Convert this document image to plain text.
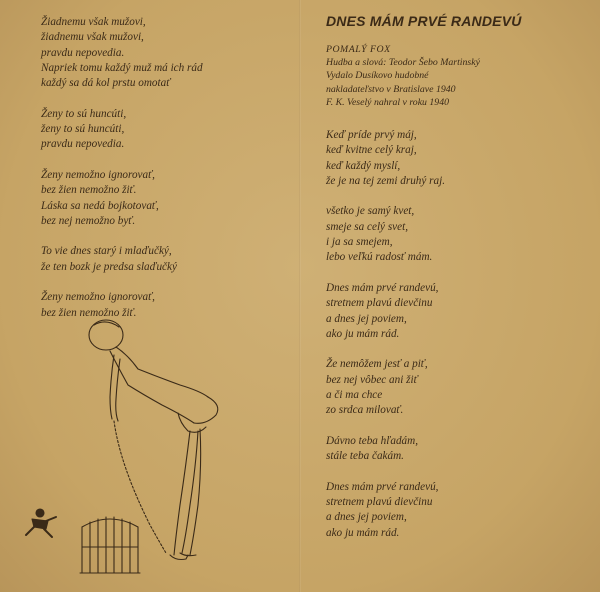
Žiadnemu však mužovi,
žiadnemu však mužovi,
pravdu nepovedia.
Napriek tomu každý muž má ich rád
každý sa dá kol prstu omotať
Ženy to sú huncúti,
ženy to sú huncúti,
pravdu nepovedia.
Ženy nemožno ignorovať,
bez žien nemožno žiť.
Láska sa nedá bojkotovať,
bez nej nemožno byť.
To vie dnes starý i mlaďučký,
že ten bozk je predsa slaďučký
Ženy nemožno ignorovať,
bez žien nemožno žiť.
DNES MÁM PRVÉ RANDEVÚ
POMALÝ FOX
Hudba a slová: Teodor Šebo Martinský
Vydalo Dusíkovo hudobné
nakladateľstvo v Bratislave 1940
F. K. Veselý nahral v roku 1940
Keď príde prvý máj,
keď kvitne celý kraj,
keď každý myslí,
že je na tej zemi druhý raj.
všetko je samý kvet,
smeje sa celý svet,
i ja sa smejem,
lebo veľkú radosť mám.
Dnes mám prvé randevú,
stretnem plavú dievčinu
a dnes jej poviem,
ako ju mám rád.
Že nemôžem jesť a piť,
bez nej vôbec ani žiť
a či ma chce
zo srdca milovať.
Dávno teba hľadám,
stále teba čakám.
Dnes mám prvé randevú,
stretnem plavú dievčinu
a dnes jej poviem,
ako ju mám rád.
